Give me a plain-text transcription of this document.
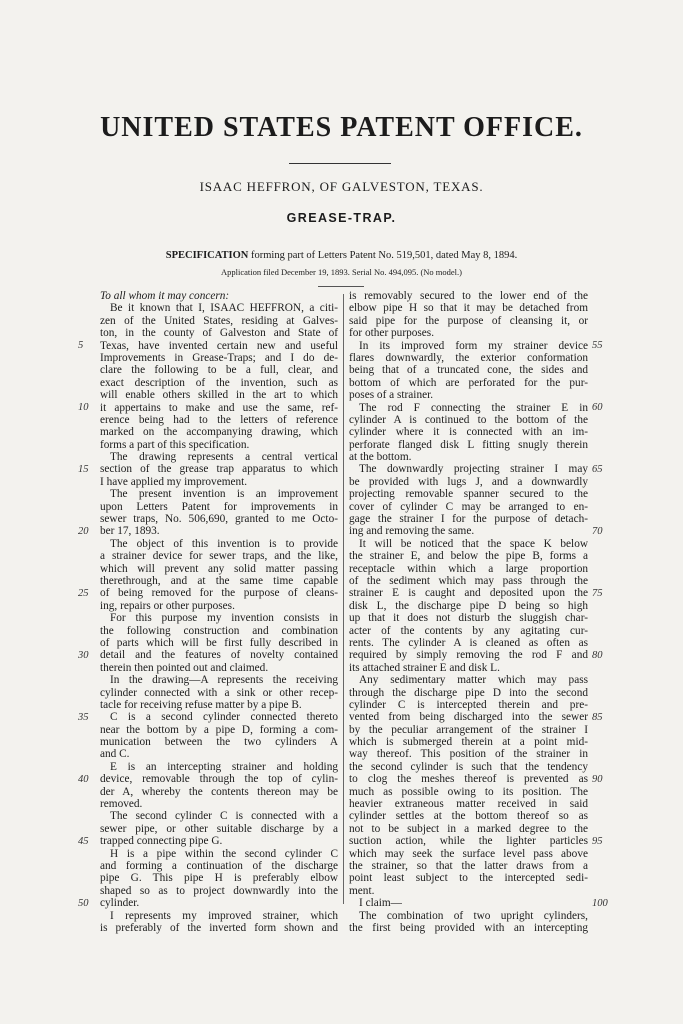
UNITED STATES PATENT OFFICE.
ISAAC HEFFRON, OF GALVESTON, TEXAS.
GREASE-TRAP.
SPECIFICATION forming part of Letters Patent No. 519,501, dated May 8, 1894.
Application filed December 19, 1893. Serial No. 494,095. (No model.)
To all whom it may concern:
Be it known that I, ISAAC HEFFRON, a citi-
zen of the United States, residing at Galves-
ton, in the county of Galveston and State of
Texas, have invented certain new and useful
Improvements in Grease-Traps; and I do de-
clare the following to be a full, clear, and
exact description of the invention, such as
will enable others skilled in the art to which
it appertains to make and use the same, ref-
erence being had to the letters of reference
marked on the accompanying drawing, which
forms a part of this specification.
The drawing represents a central vertical
section of the grease trap apparatus to which
I have applied my improvement.
The present invention is an improvement
upon Letters Patent for improvements in
sewer traps, No. 506,690, granted to me Octo-
ber 17, 1893.
The object of this invention is to provide
a strainer device for sewer traps, and the like,
which will prevent any solid matter passing
therethrough, and at the same time capable
of being removed for the purpose of cleans-
ing, repairs or other purposes.
For this purpose my invention consists in
the following construction and combination
of parts which will be first fully described in
detail and the features of novelty contained
therein then pointed out and claimed.
In the drawing—A represents the receiving
cylinder connected with a sink or other recep-
tacle for receiving refuse matter by a pipe B.
C is a second cylinder connected thereto
near the bottom by a pipe D, forming a com-
munication between the two cylinders A
and C.
E is an intercepting strainer and holding
device, removable through the top of cylin-
der A, whereby the contents thereon may be
removed.
The second cylinder C is connected with a
sewer pipe, or other suitable discharge by a
trapped connecting pipe G.
H is a pipe within the second cylinder C
and forming a continuation of the discharge
pipe G. This pipe H is preferably elbow
shaped so as to project downwardly into the
cylinder.
I represents my improved strainer, which
is preferably of the inverted form shown and
is removably secured to the lower end of the
elbow pipe H so that it may be detached from
said pipe for the purpose of cleansing it, or
for other purposes.
In its improved form my strainer device
flares downwardly, the exterior conformation
being that of a truncated cone, the sides and
bottom of which are perforated for the pur-
poses of a strainer.
The rod F connecting the strainer E in
cylinder A is continued to the bottom of the
cylinder where it is connected with an im-
perforate flanged disk L fitting snugly therein
at the bottom.
The downwardly projecting strainer I may
be provided with lugs J, and a downwardly
projecting removable spanner secured to the
cover of cylinder C may be arranged to en-
gage the strainer I for the purpose of detach-
ing and removing the same.
It will be noticed that the space K below
the strainer E, and below the pipe B, forms a
receptacle within which a large proportion
of the sediment which may pass through the
strainer E is caught and deposited upon the
disk L, the discharge pipe D being so high
up that it does not disturb the sluggish char-
acter of the contents by any agitating cur-
rents. The cylinder A is cleaned as often as
required by simply removing the rod F and
its attached strainer E and disk L.
Any sedimentary matter which may pass
through the discharge pipe D into the second
cylinder C is intercepted therein and pre-
vented from being discharged into the sewer
by the peculiar arrangement of the strainer I
which is submerged therein at a point mid-
way thereof. This position of the strainer in
the second cylinder is such that the tendency
to clog the meshes thereof is prevented as
much as possible owing to its position. The
heavier extraneous matter received in said
cylinder settles at the bottom thereof so as
not to be subject in a marked degree to the
suction action, while the lighter particles
which may seek the surface level pass above
the strainer, so that the latter draws from a
point least subject to the intercepted sedi-
ment.
I claim—
The combination of two upright cylinders,
the first being provided with an intercepting
5
10
15
20
25
30
35
40
45
50
55
60
65
70
75
80
85
90
95
100
